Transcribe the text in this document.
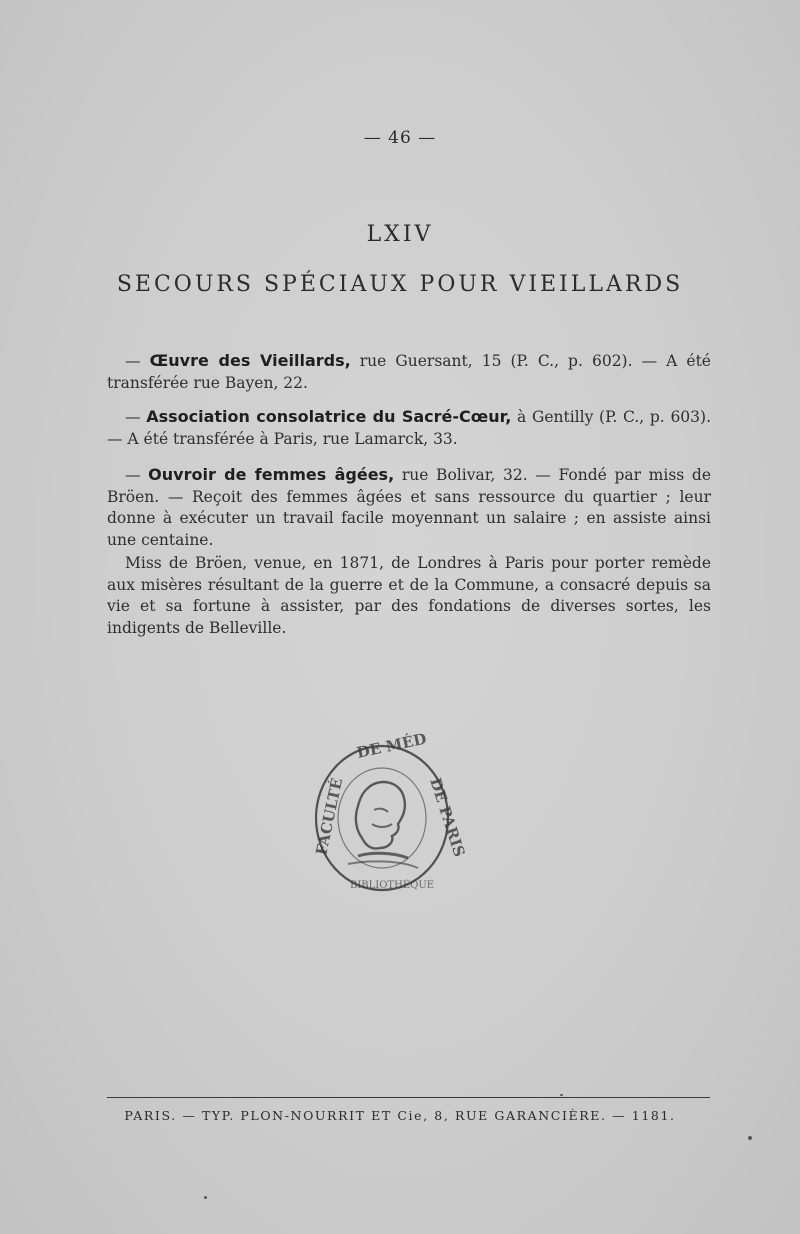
— 46 —
LXIV
SECOURS SPÉCIAUX POUR VIEILLARDS

— Œuvre des Vieillards, rue Guersant, 15 (P. C., p. 602). — A été transférée rue Bayen, 22.

— Association consolatrice du Sacré-Cœur, à Gentilly (P. C., p. 603). — A été transférée à Paris, rue Lamarck, 33.

— Ouvroir de femmes âgées, rue Bolivar, 32. — Fondé par miss de Bröen. — Reçoit des femmes âgées et sans ressource du quartier ; leur donne à exécuter un travail facile moyennant un salaire ; en assiste ainsi une centaine.

Miss de Bröen, venue, en 1871, de Londres à Paris pour porter remède aux misères résultant de la guerre et de la Commune, a consacré depuis sa vie et sa fortune à assister, par des fondations de diverses sortes, les indigents de Belleville.

FACULTÉ
DE MÉD
DE PARIS
BIBLIOTHÈQUE
PARIS. — TYP. PLON-NOURRIT ET Cie, 8, RUE GARANCIÈRE. — 1181.
